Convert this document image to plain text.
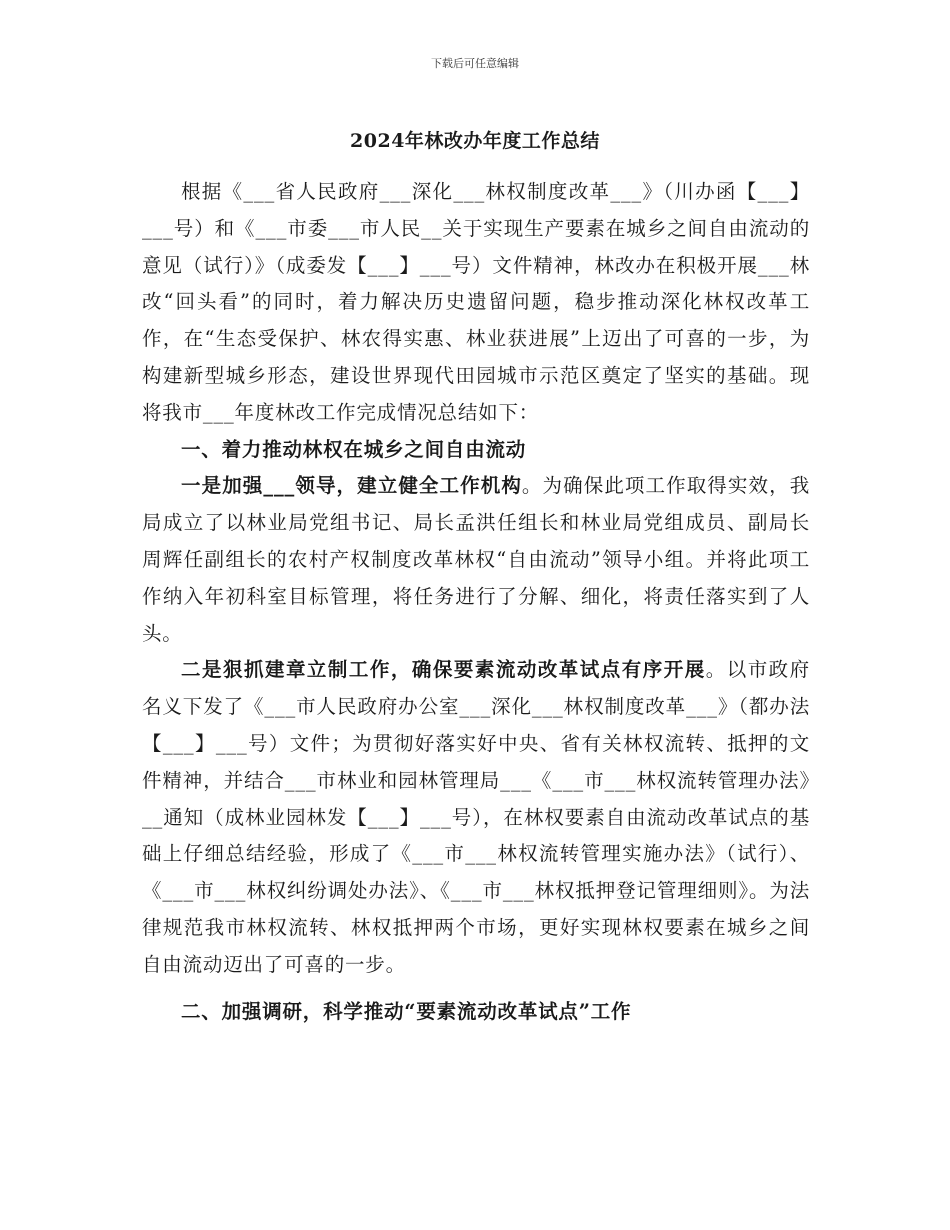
下载后可任意编辑
2024年林改办年度工作总结

根据《___省人民政府___深化___林权制度改革___》（川办函【___】___号）和《___市委___市人民__关于实现生产要素在城乡之间自由流动的意见（试行）》（成委发【___】___号）文件精神，林改办在积极开展___林改“回头看”的同时，着力解决历史遗留问题，稳步推动深化林权改革工作，在“生态受保护、林农得实惠、林业获进展”上迈出了可喜的一步，为构建新型城乡形态，建设世界现代田园城市示范区奠定了坚实的基础。现将我市___年度林改工作完成情况总结如下：

一、着力推动林权在城乡之间自由流动

一是加强___领导，建立健全工作机构。为确保此项工作取得实效，我局成立了以林业局党组书记、局长孟洪任组长和林业局党组成员、副局长周辉任副组长的农村产权制度改革林权“自由流动”领导小组。并将此项工作纳入年初科室目标管理，将任务进行了分解、细化，将责任落实到了人头。

二是狠抓建章立制工作，确保要素流动改革试点有序开展。以市政府名义下发了《___市人民政府办公室___深化___林权制度改革___》（都办法【___】___号）文件；为贯彻好落实好中央、省有关林权流转、抵押的文件精神，并结合___市林业和园林管理局___《___市___林权流转管理办法》__通知（成林业园林发【___】___号），在林权要素自由流动改革试点的基础上仔细总结经验，形成了《___市___林权流转管理实施办法》（试行）、《___市___林权纠纷调处办法》、《___市___林权抵押登记管理细则》。为法律规范我市林权流转、林权抵押两个市场，更好实现林权要素在城乡之间自由流动迈出了可喜的一步。

二、加强调研，科学推动“要素流动改革试点”工作
